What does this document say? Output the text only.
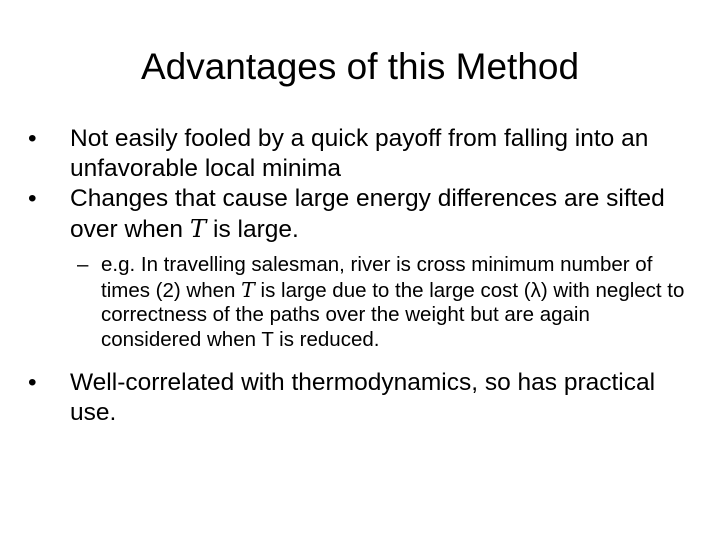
Advantages of this Method
•	Not easily fooled by a quick payoff from falling into an unfavorable local minima
•	Changes that cause large energy differences are sifted over when T is large.
– e.g. In travelling salesman, river is cross minimum number of times (2) when T is large due to the large cost (λ) with neglect to correctness of the paths over the weight but are again considered when T is reduced.
•	Well-correlated with thermodynamics, so has practical use.
